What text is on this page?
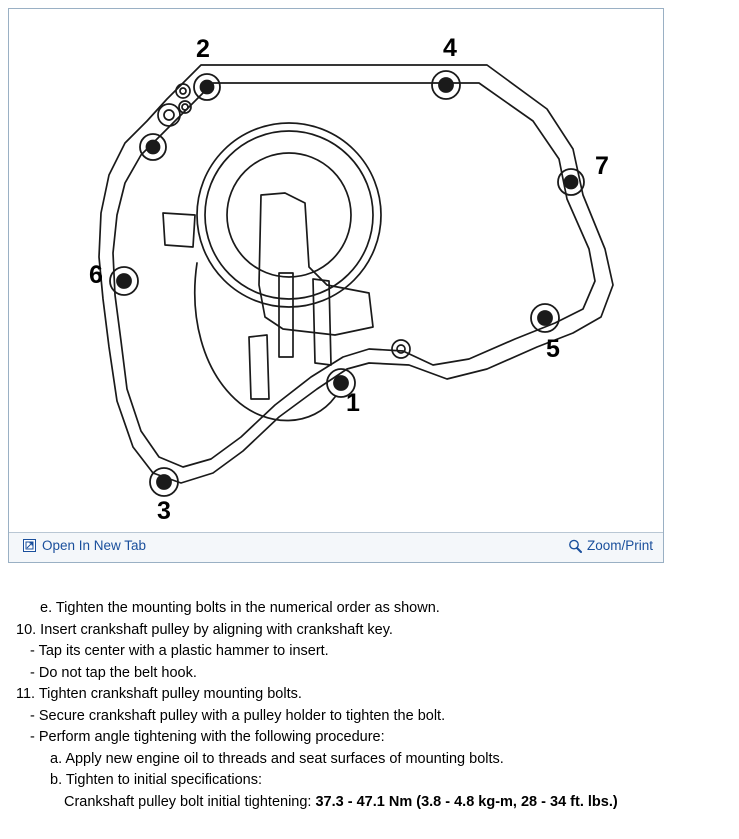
1
2
3
4
5
6
7
Open In New Tab	Zoom/Print
e. Tighten the mounting bolts in the numerical order as shown.
10. Insert crankshaft pulley by aligning with crankshaft key.
- Tap its center with a plastic hammer to insert.
- Do not tap the belt hook.
11. Tighten crankshaft pulley mounting bolts.
- Secure crankshaft pulley with a pulley holder to tighten the bolt.
- Perform angle tightening with the following procedure:
a. Apply new engine oil to threads and seat surfaces of mounting bolts.
b. Tighten to initial specifications:
Crankshaft pulley bolt initial tightening: 37.3 - 47.1 Nm (3.8 - 4.8 kg-m, 28 - 34 ft. lbs.)
